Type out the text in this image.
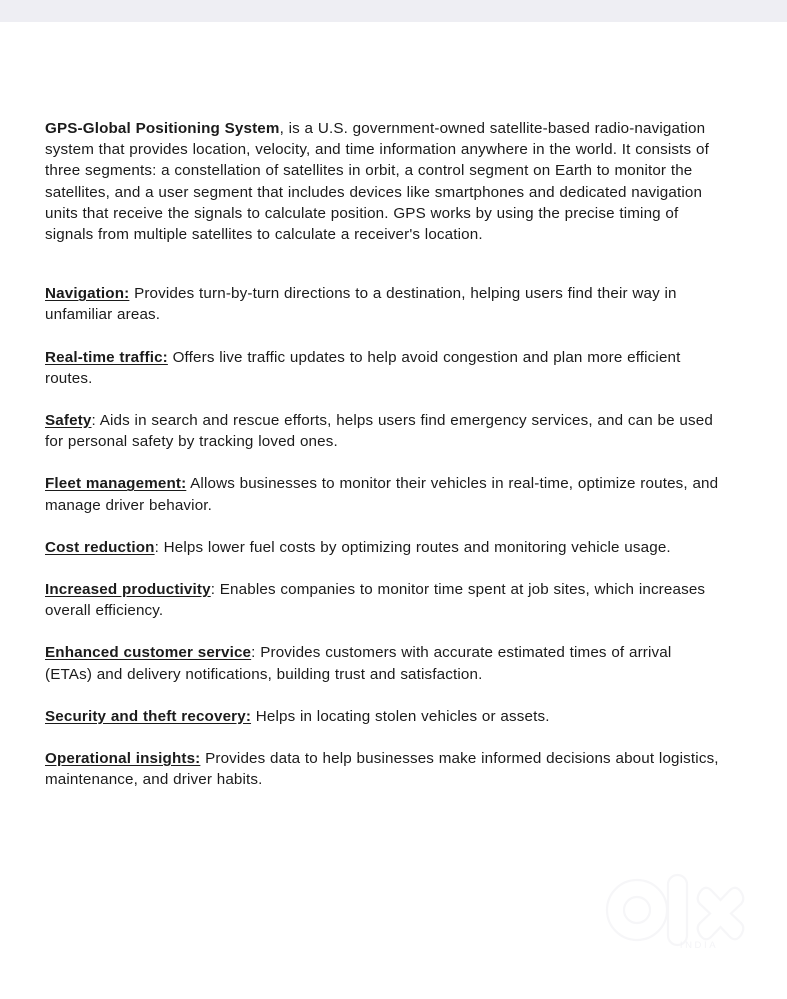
GPS-Global Positioning System, is a U.S. government-owned satellite-based radio-navigation system that provides location, velocity, and time information anywhere in the world. It consists of three segments: a constellation of satellites in orbit, a control segment on Earth to monitor the satellites, and a user segment that includes devices like smartphones and dedicated navigation units that receive the signals to calculate position. GPS works by using the precise timing of signals from multiple satellites to calculate a receiver's location.

Navigation: Provides turn-by-turn directions to a destination, helping users find their way in unfamiliar areas.

Real-time traffic: Offers live traffic updates to help avoid congestion and plan more efficient routes.

Safety: Aids in search and rescue efforts, helps users find emergency services, and can be used for personal safety by tracking loved ones.

Fleet management: Allows businesses to monitor their vehicles in real-time, optimize routes, and manage driver behavior.

Cost reduction: Helps lower fuel costs by optimizing routes and monitoring vehicle usage.

Increased productivity: Enables companies to monitor time spent at job sites, which increases overall efficiency.

Enhanced customer service: Provides customers with accurate estimated times of arrival (ETAs) and delivery notifications, building trust and satisfaction.

Security and theft recovery: Helps in locating stolen vehicles or assets.

Operational insights: Provides data to help businesses make informed decisions about logistics, maintenance, and driver habits.

INDIA
